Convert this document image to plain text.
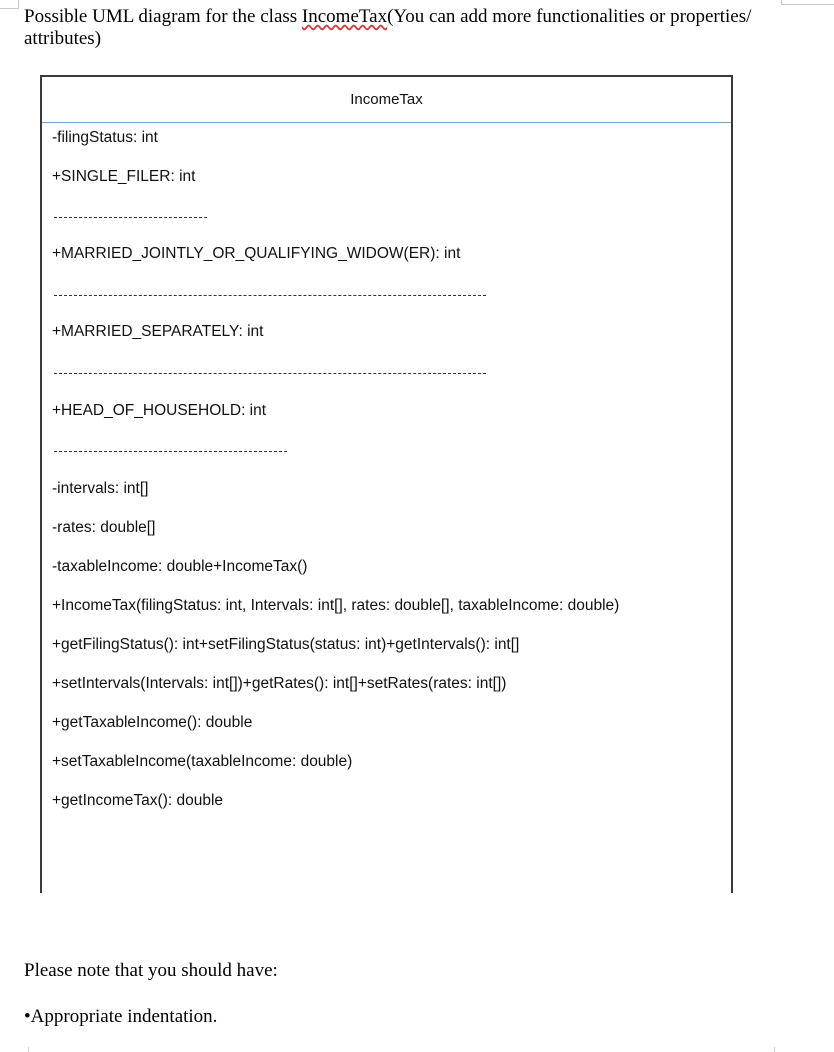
Possible UML diagram for the class IncomeTax(You can add more functionalities or properties/ attributes)
IncomeTax
-filingStatus: int
+SINGLE_FILER: int
+MARRIED_JOINTLY_OR_QUALIFYING_WIDOW(ER): int
+MARRIED_SEPARATELY: int
+HEAD_OF_HOUSEHOLD: int
-intervals: int[]
-rates: double[]
-taxableIncome: double+IncomeTax()
+IncomeTax(filingStatus: int, Intervals: int[], rates: double[], taxableIncome: double)
+getFilingStatus(): int+setFilingStatus(status: int)+getIntervals(): int[]
+setIntervals(Intervals: int[])+getRates(): int[]+setRates(rates: int[])
+getTaxableIncome(): double
+setTaxableIncome(taxableIncome: double)
+getIncomeTax(): double
Please note that you should have:
•Appropriate indentation.
